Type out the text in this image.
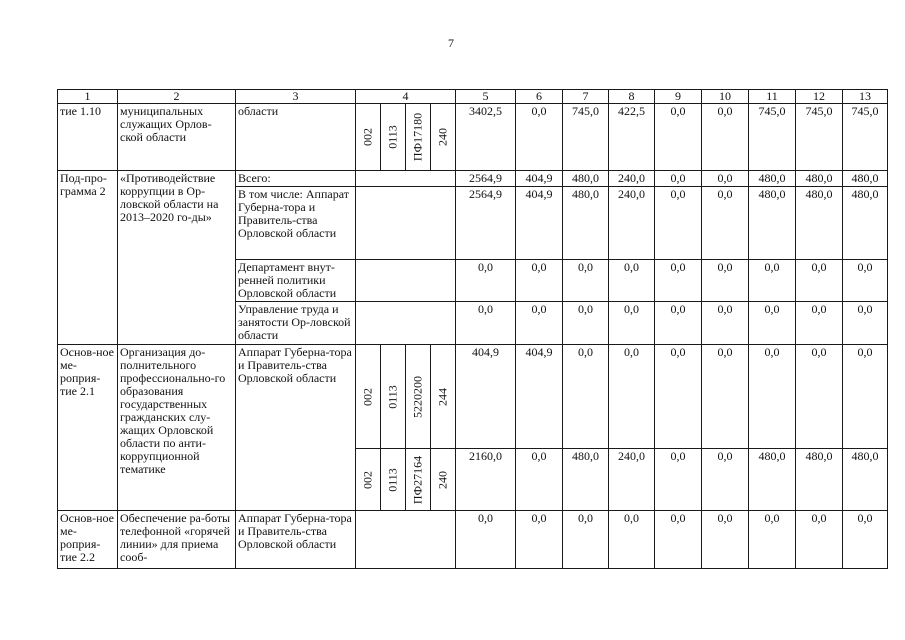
7
1	2	3	4				5	6	7	8	9	10	11	12	13
тие 1.10	муниципальных служащих Орлов-ской области	области	002	0113	ПФ17180	240	3402,5	0,0	745,0	422,5	0,0	0,0	745,0	745,0	745,0
Под-про-грамма 2	«Противодействие коррупции в Ор-ловской области на 2013–2020 го-ды»	Всего:					2564,9	404,9	480,0	240,0	0,0	0,0	480,0	480,0	480,0
		В том числе: Аппарат Губерна-тора и Правитель-ства Орловской области					2564,9	404,9	480,0	240,0	0,0	0,0	480,0	480,0	480,0
		Департамент внут-ренней политики Орловской области					0,0	0,0	0,0	0,0	0,0	0,0	0,0	0,0	0,0
		Управление труда и занятости Ор-ловской области					0,0	0,0	0,0	0,0	0,0	0,0	0,0	0,0	0,0
Основ-ное ме-роприя-тие 2.1	Организация до-полнительного профессионально-го образования государственных гражданских слу-жащих Орловской области по анти-коррупционной тематике	Аппарат Губерна-тора и Правитель-ства Орловской области	002	0113	5220200	244	404,9	404,9	0,0	0,0	0,0	0,0	0,0	0,0	0,0

			002	0113	ПФ27164	240	2160,0	0,0	480,0	240,0	0,0	0,0	480,0	480,0	480,0
Основ-ное ме-роприя-тие 2.2	Обеспечение ра-боты телефонной «горячей линии» для приема сооб-	Аппарат Губерна-тора и Правитель-ства Орловской области					0,0	0,0	0,0	0,0	0,0	0,0	0,0	0,0	0,0
